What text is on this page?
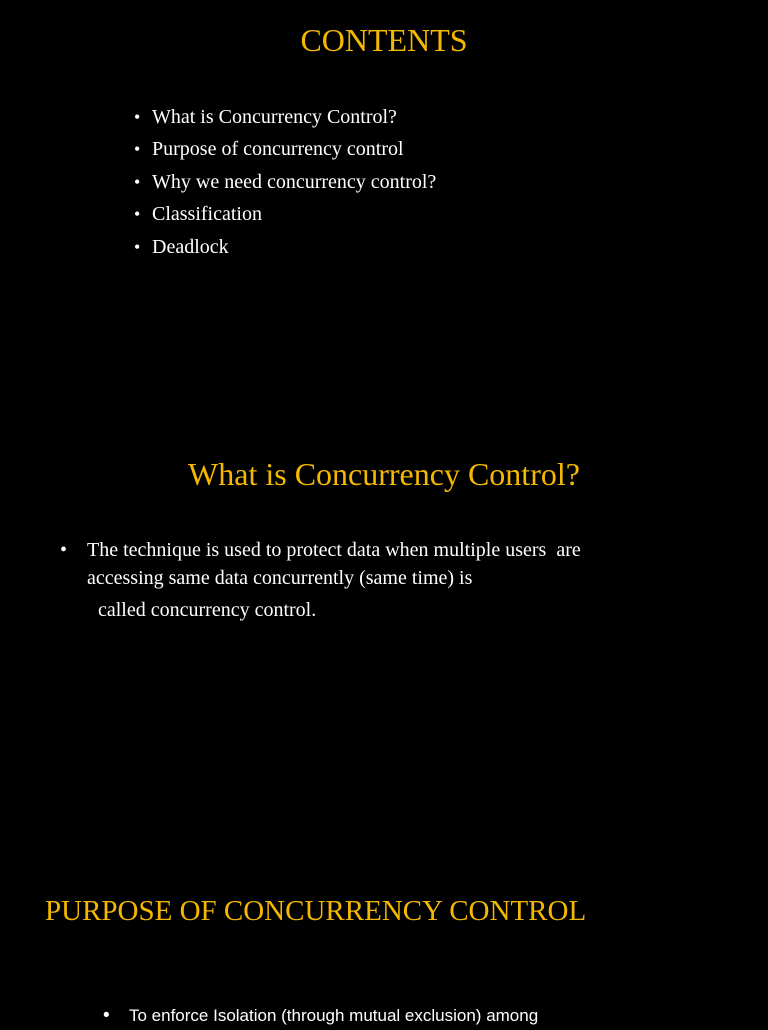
CONTENTS
• What is Concurrency Control?
• Purpose of concurrency control
• Why we need concurrency control?
• Classification
• Deadlock
What is Concurrency Control?
• The technique is used to protect data when multiple users  are
accessing same data concurrently (same time) is
called concurrency control.
PURPOSE OF CONCURRENCY CONTROL
• To enforce Isolation (through mutual exclusion) among
